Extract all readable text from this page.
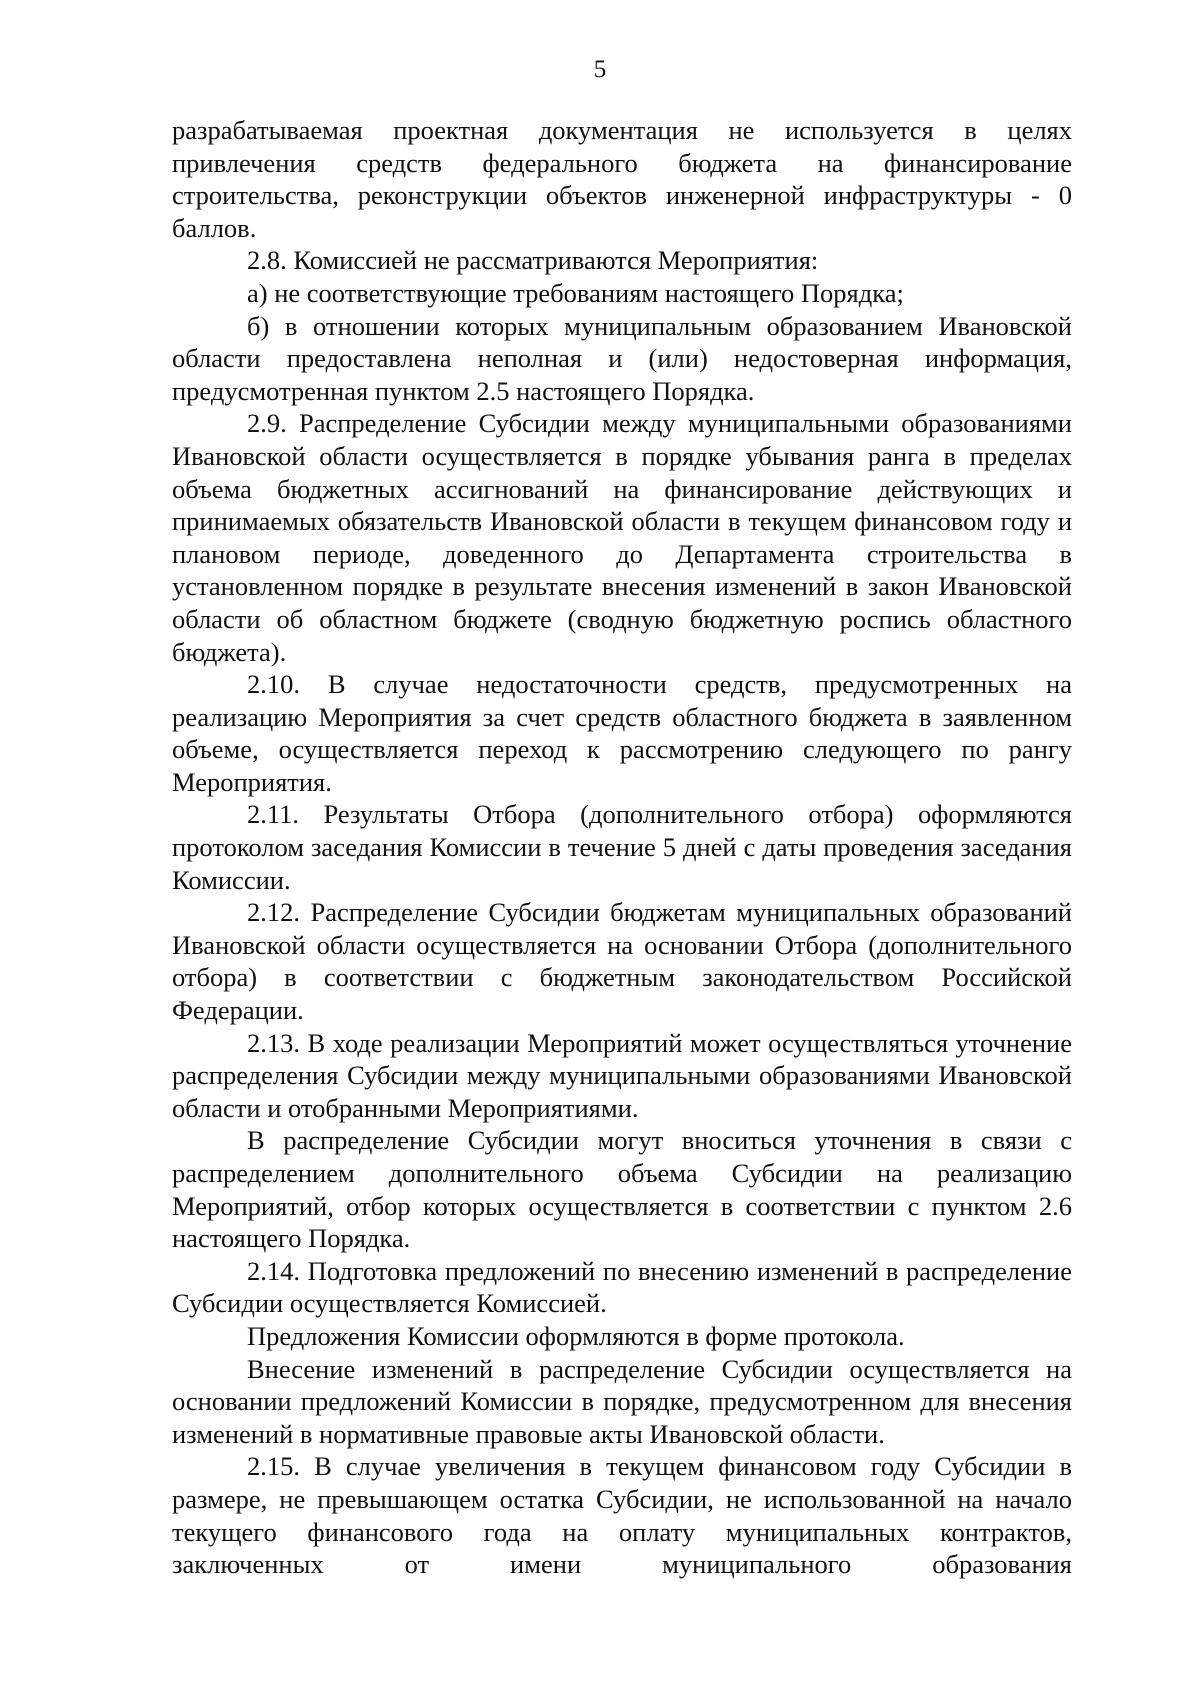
5

разрабатываемая проектная документация не используется в целях привлечения средств федерального бюджета на финансирование строительства, реконструкции объектов инженерной инфраструктуры - 0 баллов.

2.8. Комиссией не рассматриваются Мероприятия:

а) не соответствующие требованиям настоящего Порядка;

б) в отношении которых муниципальным образованием Ивановской области предоставлена неполная и (или) недостоверная информация, предусмотренная пунктом 2.5 настоящего Порядка.

2.9. Распределение Субсидии между муниципальными образованиями Ивановской области осуществляется в порядке убывания ранга в пределах объема бюджетных ассигнований на финансирование действующих и принимаемых обязательств Ивановской области в текущем финансовом году и плановом периоде, доведенного до Департамента строительства в установленном порядке в результате внесения изменений в закон Ивановской области об областном бюджете (сводную бюджетную роспись областного бюджета).

2.10. В случае недостаточности средств, предусмотренных на реализацию Мероприятия за счет средств областного бюджета в заявленном объеме, осуществляется переход к рассмотрению следующего по рангу Мероприятия.

2.11. Результаты Отбора (дополнительного отбора) оформляются протоколом заседания Комиссии в течение 5 дней с даты проведения заседания Комиссии.

2.12. Распределение Субсидии бюджетам муниципальных образований Ивановской области осуществляется на основании Отбора (дополнительного отбора) в соответствии с бюджетным законодательством Российской Федерации.

2.13. В ходе реализации Мероприятий может осуществляться уточнение распределения Субсидии между муниципальными образованиями Ивановской области и отобранными Мероприятиями.

В распределение Субсидии могут вноситься уточнения в связи с распределением дополнительного объема Субсидии на реализацию Мероприятий, отбор которых осуществляется в соответствии с пунктом 2.6 настоящего Порядка.

2.14. Подготовка предложений по внесению изменений в распределение Субсидии осуществляется Комиссией.

Предложения Комиссии оформляются в форме протокола.

Внесение изменений в распределение Субсидии осуществляется на основании предложений Комиссии в порядке, предусмотренном для внесения изменений в нормативные правовые акты Ивановской области.

2.15. В случае увеличения в текущем финансовом году Субсидии в размере, не превышающем остатка Субсидии, не использованной на начало текущего финансового года на оплату муниципальных контрактов, заключенных от имени муниципального образования
